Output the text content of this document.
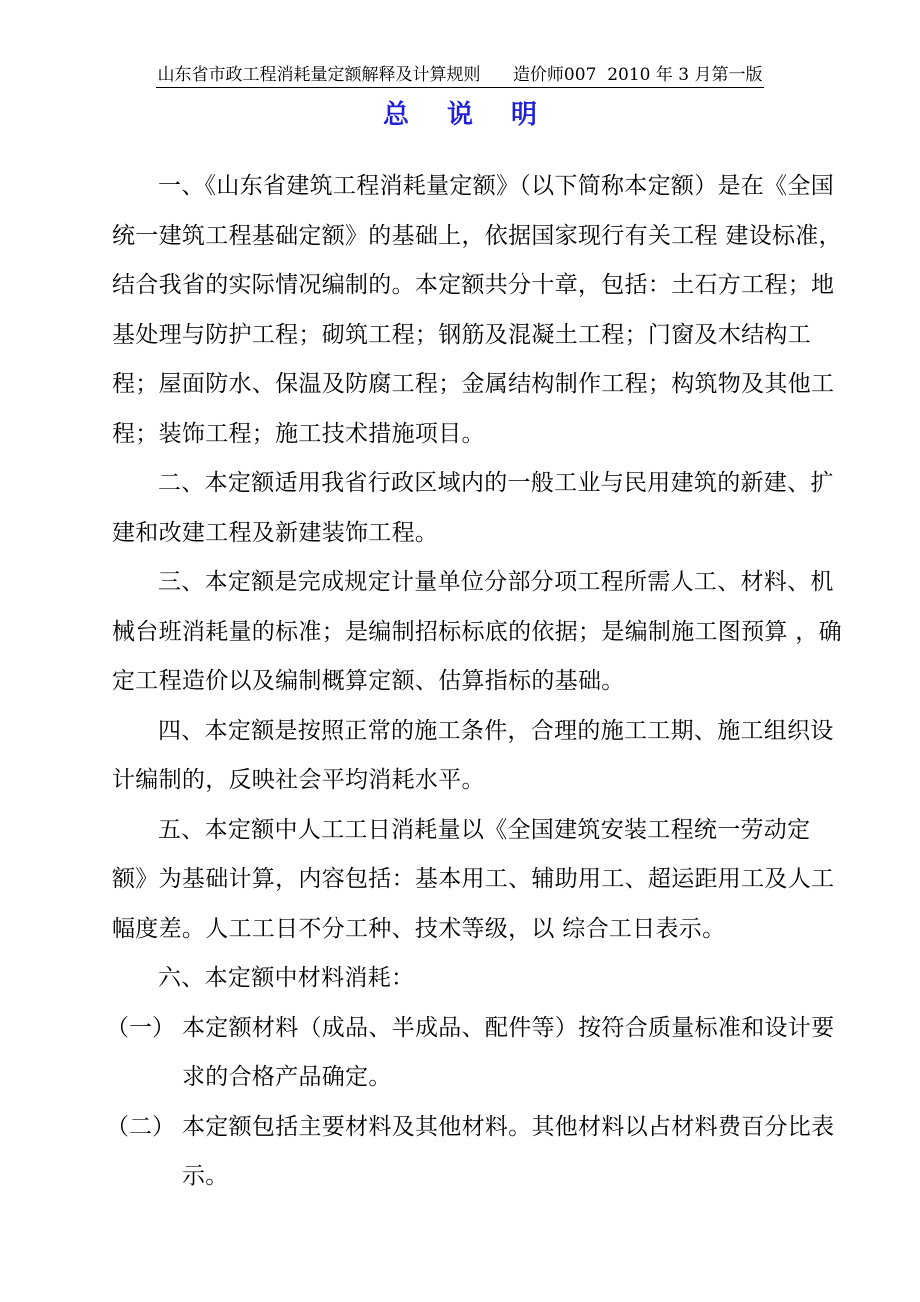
山东省市政工程消耗量定额解释及计算规则 造价师007  2010 年 3 月第一版
总说明

一、《山东省建筑工程消耗量定额》（以下简称本定额）是在《全国统一建筑工程基础定额》的基础上，依据国家现行有关工程 建设标准，结合我省的实际情况编制的。本定额共分十章，包括：土石方工程；地基处理与防护工程；砌筑工程；钢筋及混凝土工程；门窗及木结构工程；屋面防水、保温及防腐工程；金属结构制作工程；构筑物及其他工程；装饰工程；施工技术措施项目。

二、本定额适用我省行政区域内的一般工业与民用建筑的新建、扩建和改建工程及新建装饰工程。

三、本定额是完成规定计量单位分部分项工程所需人工、材料、机械台班消耗量的标准；是编制招标标底的依据；是编制施工图预算 ，确定工程造价以及编制概算定额、估算指标的基础。

四、本定额是按照正常的施工条件，合理的施工工期、施工组织设计编制的，反映社会平均消耗水平。

五、本定额中人工工日消耗量以《全国建筑安装工程统一劳动定额》为基础计算，内容包括：基本用工、辅助用工、超运距用工及人工幅度差。人工工日不分工种、技术等级，以 综合工日表示。

六、本定额中材料消耗：

（一） 本定额材料（成品、半成品、配件等）按符合质量标准和设计要求的合格产品确定。
（二） 本定额包括主要材料及其他材料。其他材料以占材料费百分比表示。
